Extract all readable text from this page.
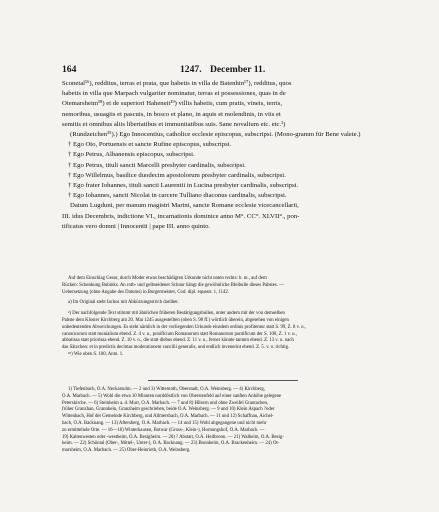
164	1247. December 11.

Sconetal¹⁶), redditus, terras et prata, que habetis in villa de Batenhin¹⁷), redditus, quos

habetis in villa que Marpach vulgariter nominatur, terras et possessiones, quas in de

Otemarsheim¹⁸) et de superiori Haheneit¹⁹) villis habetis, cum pratis, vineis, terris,

nemoribus, usuagiis et pascuis, in bosco et plano, in aquis et molendinis, in viis et

semitis et omnibus aliis libertatibus et immunitatibus suis. Sane novalium etc. etc.²)

(Rundzeichen³⁵).) Ego Innocentius, catholice ecclesie episcopus, subscripsi. (Mono-gramm für Bene valete.)

† Ego Oto, Portuensis et sancte Rufine episcopus, subscripsi.

† Ego Petrus, Albanensis episcopus, subscripsi.

† Ego Petrus, tituli sancti Marcelli presbyter cardinalis, subscripsi.

† Ego Willelmus, basilice duodecim apostolorum presbyter cardinalis, subscripsi.

† Ego frater Iohannes, tituli sancti Laurentii in Lucina presbyter cardinalis, subscripsi.

† Ego Iohannes, sancti Nicolai in carcere Tulliano diaconus cardinalis, subscripsi.

Datum Lugduni, per manum magistri Marini, sancte Romane ecclesie vicecancellarii,

III. idus Decembris, indictione VI., incarnationis dominice anno M°. CC°. XLVII°., pon-

tificatus vero domni | Innocentii | pape III. anno quinto.

Auf dem Einschlag Gesor, durch Moder etwas beschädigten Urkunde nicht unten rechts: b. m., auf dem

Rücken: Schenkung Bubinks. An roth- und gelbseidener Schnur hängt die gewöhnliche Bleibulle dieses Pabstes. —

Uebersetzung (ohne Angabe des Datums) in Burgermeister, Cod. dipl. equestr. 1, 1142.

a) Im Original steht Iachos mit Abkürzungsstrich darüber.

²) Der nachfolgende Text stimmt mit ähnlichen früheren Bestätigungsbullen, unter andern mit der von demselben

Pabste dem Kloster Kirchberg am 20. Mai 1245 ausgestellten (oben S. 98 ff.) wörtlich überein, abgesehen von einigen

unbedeutenden Abweichungen. Es steht nämlich in der vorliegenden Urkunde eiusdem ordinis profitentur statt S. 99, Z. 8 v. o.,

canonicorum statt monialium ebend. Z. 4 v. u., poniflcium Romanorum statt Romanorum pontificum der S. 100, Z. 1 v. u.,

abbatissa statt priorissa ebend. Z. 10 v. o., die statt diebus ebend. Z. 11 v. o., ferner könnte tantum ebend. Z. 13 v. o. nach

das Sätzchen: et in predictis decimas moderationem concilii generalis, und endlich invenerint ebend. Z. 5. v. o. richtig.

³⁵) Wie oben S. 100, Anm. 1.

1) Tiefenbach, O.A. Neckarsulm. — 2 und 3) Wittenroth, Oberstadt, O.A. Weinsberg. — 4) Kirchberg,

O.A. Marbach. — 5) Wohl die etwa 10 Minuten norddöstlich von Oberstenfeld auf einer sanften Anhöhe gelegene

Peterskirche. — 6) Steinheim a. d. Murr, O.A. Marbach. — 7 und 8) Hilsern und ohne Zweifel Grantachen,

früher Granzhan, Grannhein, Granzheim geschrieben, beide O.A. Weinsberg. — 9 und 10) Klein Aspach ?oder

Wittenbach, Hof der Gemeinde Kirchberg, und Allmersbach, O.A. Marbach. — 11 und 12) Schaffnau, Aichel-

bach, O.A. Backnang. — 13) Aftersberg, O.A. Marbach. — 14 und 15) Wohl abgegangene und nicht mehr

zu ermittelnde Orte. — 16—18) Winterhausen, Botwar (Gross-, Klein-), Hornungshof, O.A. Marbach. —

19) Kaltenwesten oder -westheim, O.A. Besigheim. — 20) ? Abstatt, O.A. Heilbronn. — 21) Walheim, O.A. Besig-

heim. — 22) Schöntal (Ober-, Mittel-, Unter-), O.A. Backnang. — 23) Bonnbeim, O.A. Brackenheim. — 24) Ot-

marsheim, O.A. Marbach. — 25) Ober-Heinrieth, O.A. Weinsberg.
